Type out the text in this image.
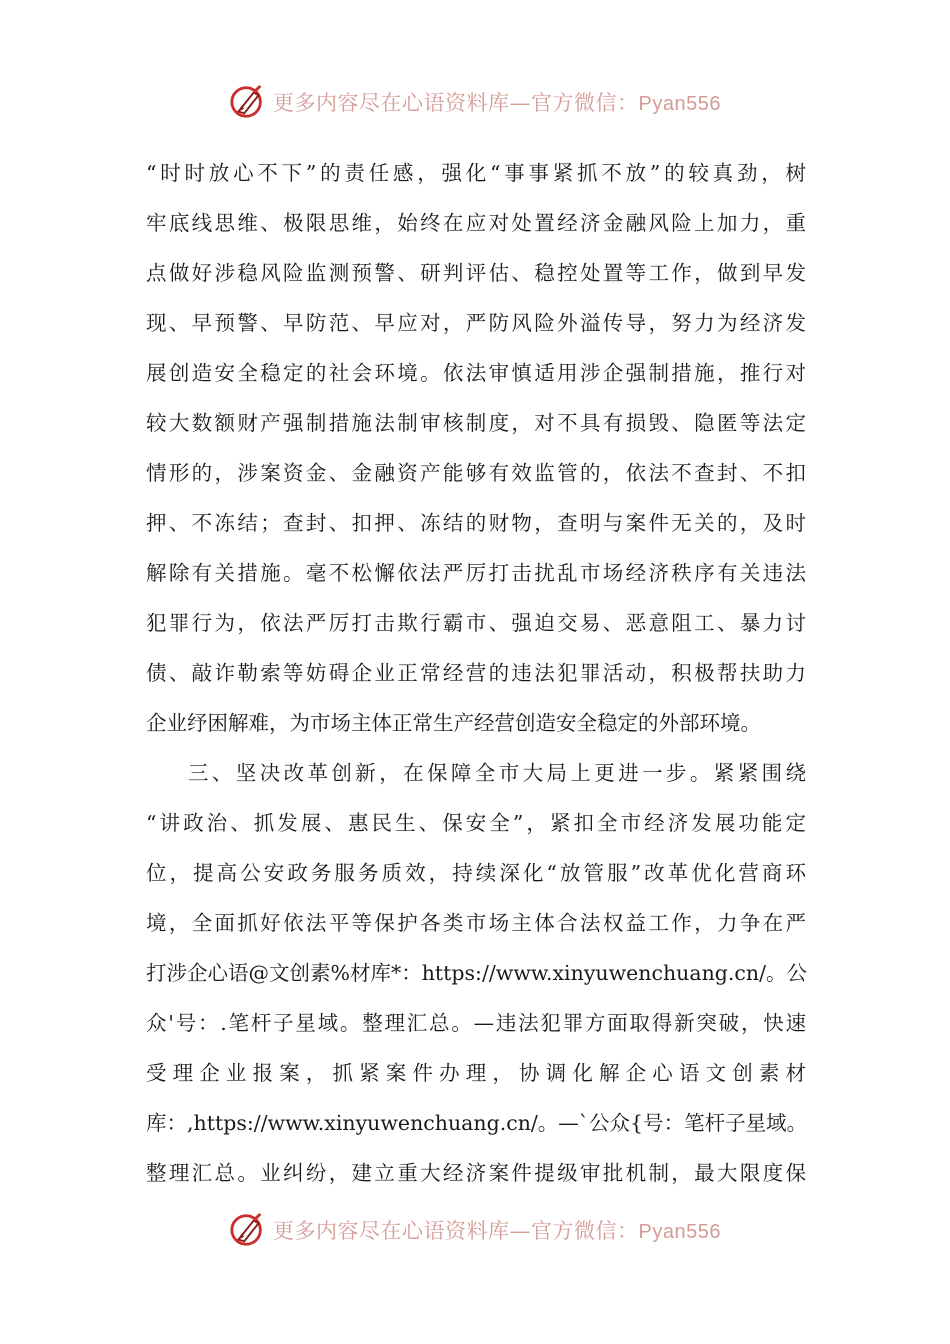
更多内容尽在心语资料库—官方微信：Pyan556
“时时放心不下”的责任感，强化“事事紧抓不放”的较真劲，树
牢底线思维、极限思维，始终在应对处置经济金融风险上加力，重
点做好涉稳风险监测预警、研判评估、稳控处置等工作，做到早发
现、早预警、早防范、早应对，严防风险外溢传导，努力为经济发
展创造安全稳定的社会环境。依法审慎适用涉企强制措施，推行对
较大数额财产强制措施法制审核制度，对不具有损毁、隐匿等法定
情形的，涉案资金、金融资产能够有效监管的，依法不查封、不扣
押、不冻结；查封、扣押、冻结的财物，查明与案件无关的，及时
解除有关措施。毫不松懈依法严厉打击扰乱市场经济秩序有关违法
犯罪行为，依法严厉打击欺行霸市、强迫交易、恶意阻工、暴力讨
债、敲诈勒索等妨碍企业正常经营的违法犯罪活动，积极帮扶助力
企业纾困解难，为市场主体正常生产经营创造安全稳定的外部环境。
三、坚决改革创新，在保障全市大局上更进一步。紧紧围绕
“讲政治、抓发展、惠民生、保安全”，紧扣全市经济发展功能定
位，提高公安政务服务质效，持续深化“放管服”改革优化营商环
境，全面抓好依法平等保护各类市场主体合法权益工作，力争在严
打涉企心语@文创素%材库*：https://www.xinyuwenchuang.cn/。公
众'号：.笔杆子星域。整理汇总。—违法犯罪方面取得新突破，快速
受理企业报案，抓紧案件办理，协调化解企心语文创素材
库：,https://www.xinyuwenchuang.cn/。—`公众{号：笔杆子星域。
整理汇总。业纠纷，建立重大经济案件提级审批机制，最大限度保
更多内容尽在心语资料库—官方微信：Pyan556
